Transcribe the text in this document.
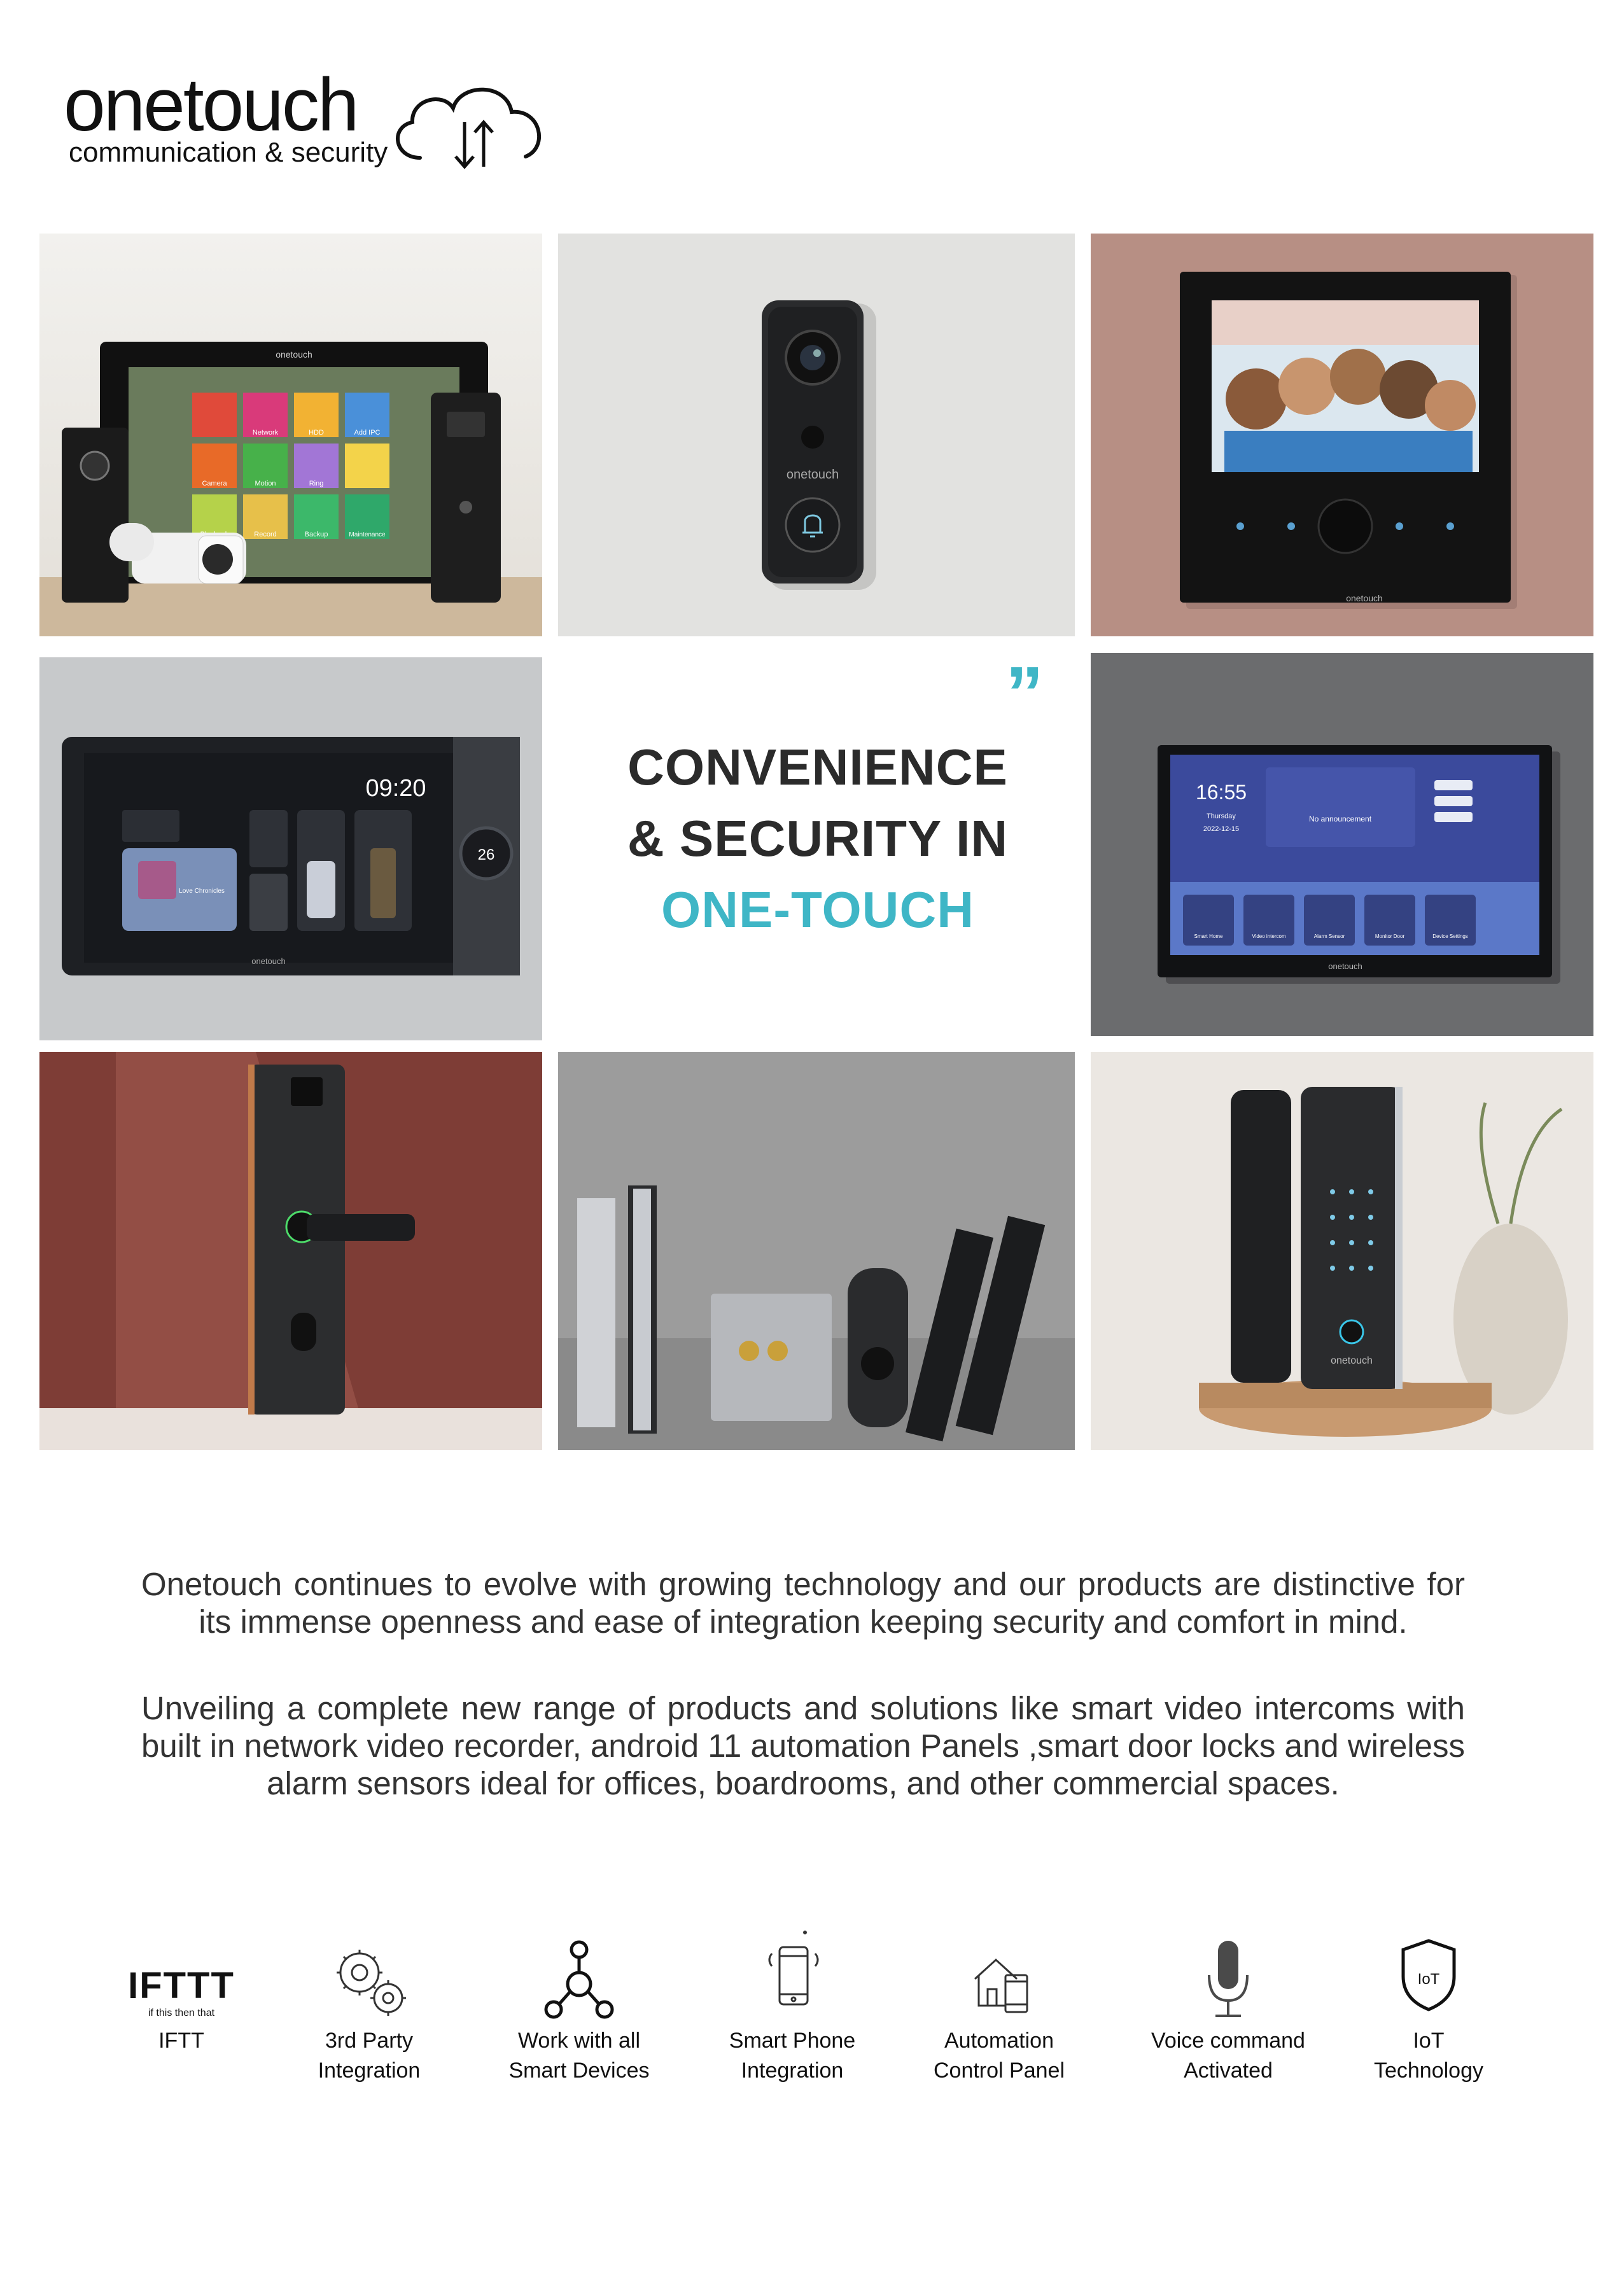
onetouch
communication & security
onetouch
Network	HDD	Add IPC
Camera	Motion	Ring
Record	Backup	Maintenance
onetouch
onetouch
09:20
Love Chronicles
26
onetouch
”
CONVENIENCE
& SECURITY IN
ONE-TOUCH
16:55
Thursday
2022-12-15
No announcement
Smart Home	Video intercom	Alarm Sensor	Monitor Door	Device Settings
onetouch
onetouch

Onetouch continues to evolve with growing technology and our products are distinctive for its immense openness and ease of integration keeping security and comfort in mind.

Unveiling a complete new range of products and solutions like smart video intercoms with built in network video recorder, android 11 automation Panels ,smart door locks and wireless alarm sensors ideal for offices, boardrooms, and other commercial spaces.

IFTTT
if this then that
IFTT	3rd Party
Integration
Work with all
Smart Devices
Smart Phone
Integration
Automation
Control Panel
Voice command
Activated
IoT
IoT
Technology
